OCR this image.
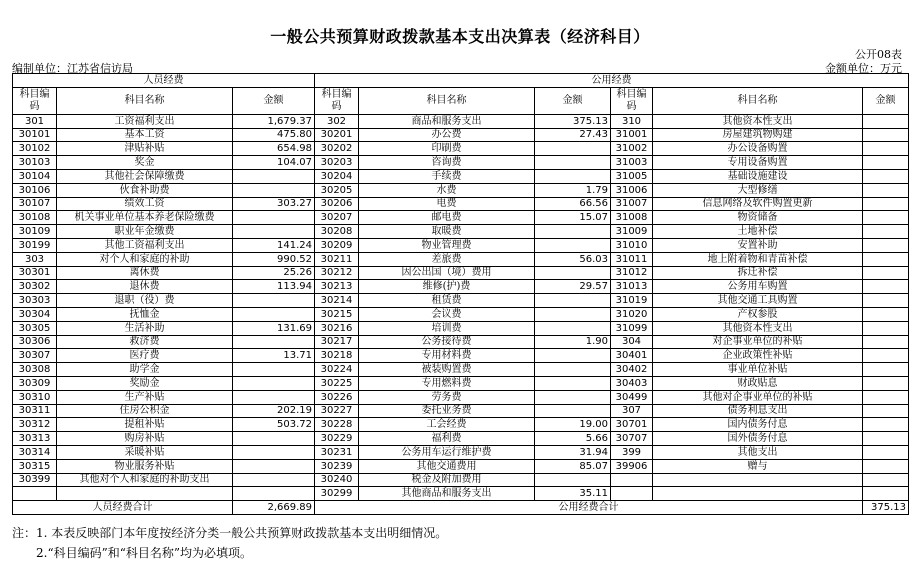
一般公共预算财政拨款基本支出决算表（经济科目）
公开08表
编制单位：江苏省信访局	金额单位：万元
人员经费			公用经费					
科目编码	科目名称	金额	科目编码	科目名称	金额	科目编码	科目名称	金额
301	工资福利支出	1,679.37	302	商品和服务支出	375.13	310	其他资本性支出	
30101	基本工资	475.80	30201	办公费	27.43	31001	房屋建筑物购建	
30102	津贴补贴	654.98	30202	印刷费		31002	办公设备购置	
30103	奖金	104.07	30203	咨询费		31003	专用设备购置	
30104	其他社会保障缴费		30204	手续费		31005	基础设施建设	
30106	伙食补助费		30205	水费	1.79	31006	大型修缮	
30107	绩效工资	303.27	30206	电费	66.56	31007	信息网络及软件购置更新	
30108	机关事业单位基本养老保险缴费		30207	邮电费	15.07	31008	物资储备	
30109	职业年金缴费		30208	取暖费		31009	土地补偿	
30199	其他工资福利支出	141.24	30209	物业管理费		31010	安置补助	
303	对个人和家庭的补助	990.52	30211	差旅费	56.03	31011	地上附着物和青苗补偿	
30301	离休费	25.26	30212	因公出国（境）费用		31012	拆迁补偿	
30302	退休费	113.94	30213	维修(护)费	29.57	31013	公务用车购置	
30303	退职（役）费		30214	租赁费		31019	其他交通工具购置	
30304	抚恤金		30215	会议费		31020	产权参股	
30305	生活补助	131.69	30216	培训费		31099	其他资本性支出	
30306	救济费		30217	公务接待费	1.90	304	对企事业单位的补贴	
30307	医疗费	13.71	30218	专用材料费		30401	企业政策性补贴	
30308	助学金		30224	被装购置费		30402	事业单位补贴	
30309	奖励金		30225	专用燃料费		30403	财政贴息	
30310	生产补贴		30226	劳务费		30499	其他对企事业单位的补贴	
30311	住房公积金	202.19	30227	委托业务费		307	债务利息支出	
30312	提租补贴	503.72	30228	工会经费	19.00	30701	国内债务付息	
30313	购房补贴		30229	福利费	5.66	30707	国外债务付息	
30314	采暖补贴		30231	公务用车运行维护费	31.94	399	其他支出	
30315	物业服务补贴		30239	其他交通费用	85.07	39906	赠与	
30399	其他对个人和家庭的补助支出		30240	税金及附加费用				
			30299	其他商品和服务支出	35.11			
人员经费合计		2,669.89	公用经费合计					375.13
注：1. 本表反映部门本年度按经济分类一般公共预算财政拨款基本支出明细情况。
2.“科目编码”和“科目名称”均为必填项。
